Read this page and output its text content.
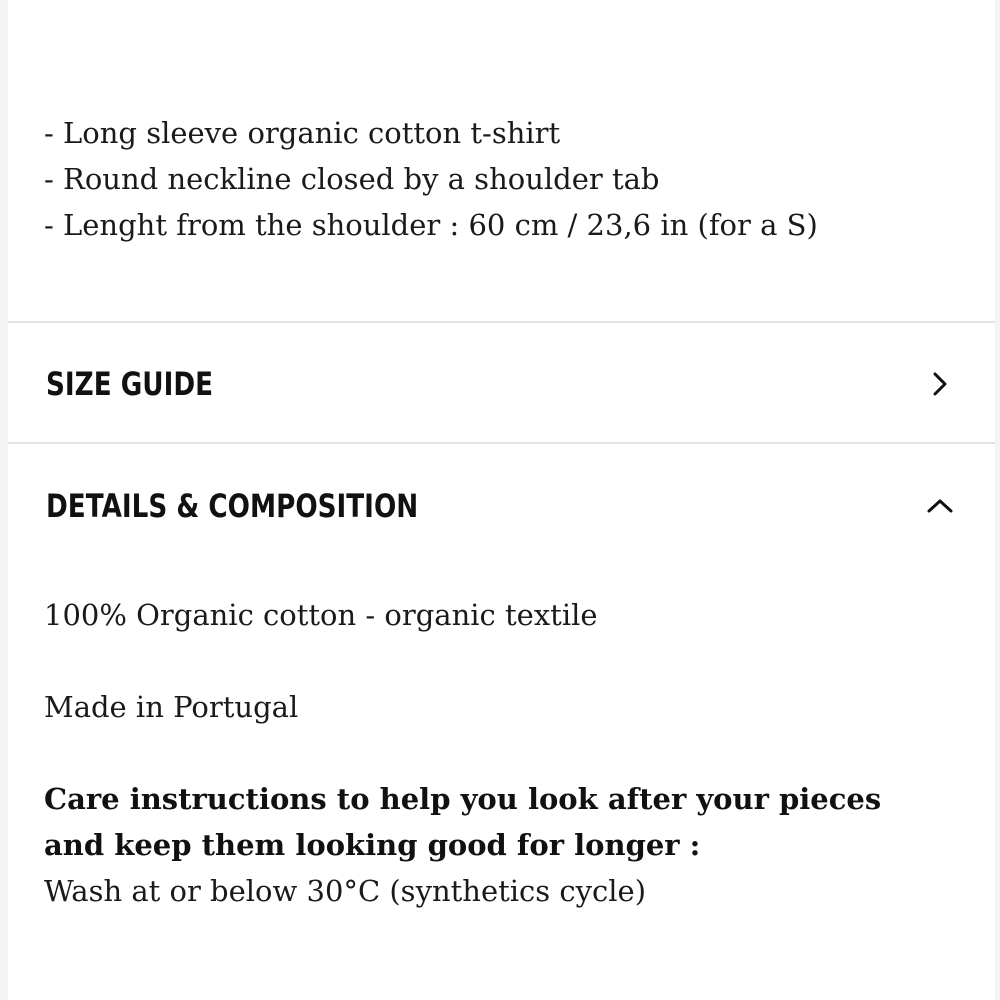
- Long sleeve organic cotton t-shirt
- Round neckline closed by a shoulder tab
- Lenght from the shoulder : 60 cm / 23,6 in (for a S)
SIZE GUIDE
DETAILS & COMPOSITION

100% Organic cotton - organic textile

Made in Portugal

Care instructions to help you look after your pieces and keep them looking good for longer :

Wash at or below 30°C (synthetics cycle)
